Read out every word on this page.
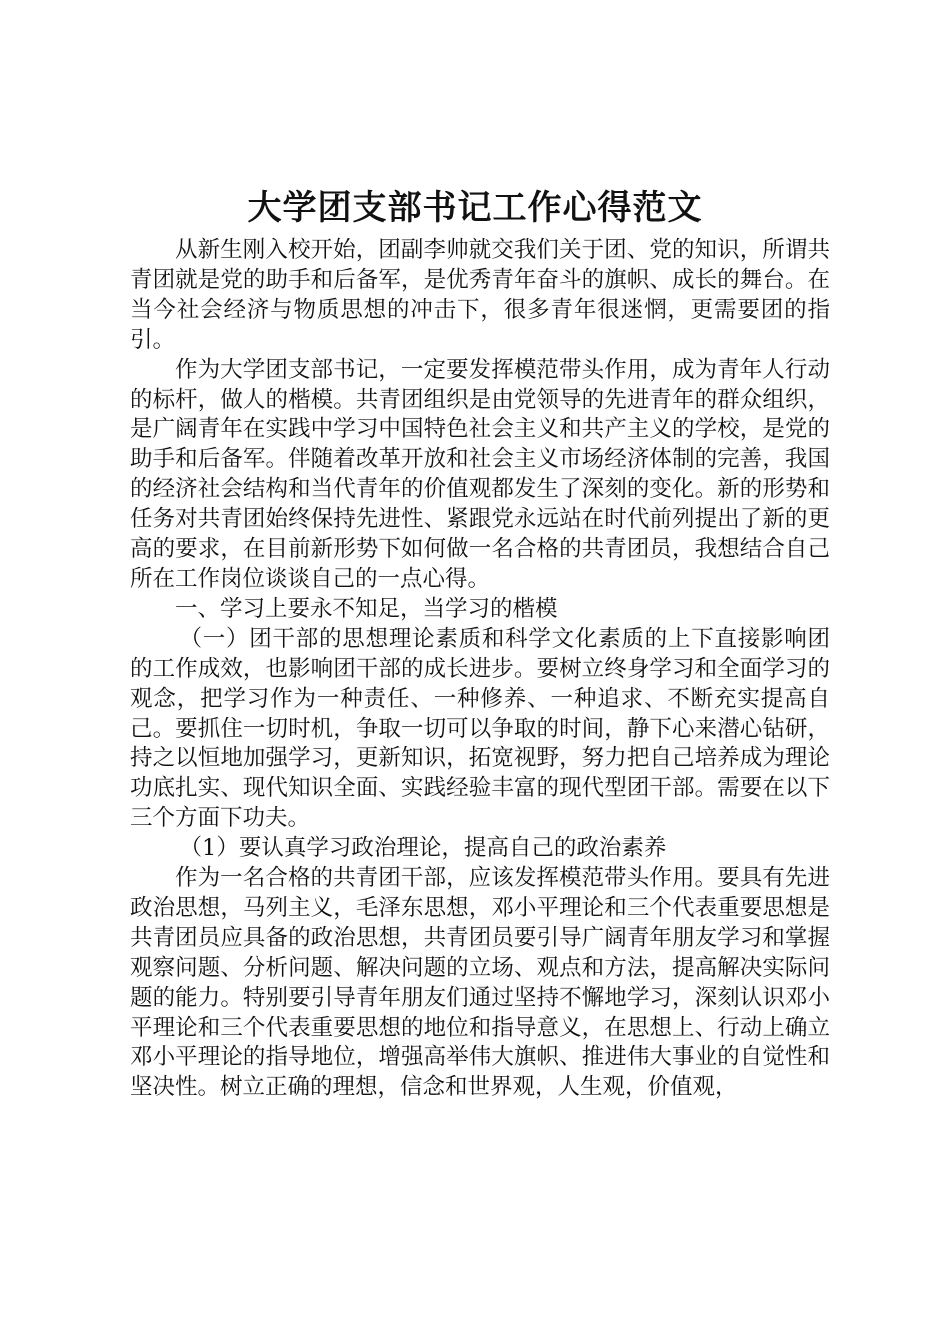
大学团支部书记工作心得范文

从新生刚入校开始，团副李帅就交我们关于团、党的知识，所谓共青团就是党的助手和后备军，是优秀青年奋斗的旗帜、成长的舞台。在当今社会经济与物质思想的冲击下，很多青年很迷惘，更需要团的指引。

作为大学团支部书记，一定要发挥模范带头作用，成为青年人行动的标杆，做人的楷模。共青团组织是由党领导的先进青年的群众组织，是广阔青年在实践中学习中国特色社会主义和共产主义的学校，是党的助手和后备军。伴随着改革开放和社会主义市场经济体制的完善，我国的经济社会结构和当代青年的价值观都发生了深刻的变化。新的形势和任务对共青团始终保持先进性、紧跟党永远站在时代前列提出了新的更高的要求，在目前新形势下如何做一名合格的共青团员，我想结合自己所在工作岗位谈谈自己的一点心得。

一、学习上要永不知足，当学习的楷模

（一）团干部的思想理论素质和科学文化素质的上下直接影响团的工作成效，也影响团干部的成长进步。要树立终身学习和全面学习的观念，把学习作为一种责任、一种修养、一种追求、不断充实提高自己。要抓住一切时机，争取一切可以争取的时间，静下心来潜心钻研，持之以恒地加强学习，更新知识，拓宽视野，努力把自己培养成为理论功底扎实、现代知识全面、实践经验丰富的现代型团干部。需要在以下三个方面下功夫。

（1）要认真学习政治理论，提高自己的政治素养

作为一名合格的共青团干部，应该发挥模范带头作用。要具有先进政治思想，马列主义，毛泽东思想，邓小平理论和三个代表重要思想是共青团员应具备的政治思想，共青团员要引导广阔青年朋友学习和掌握观察问题、分析问题、解决问题的立场、观点和方法，提高解决实际问题的能力。特别要引导青年朋友们通过坚持不懈地学习，深刻认识邓小平理论和三个代表重要思想的地位和指导意义，在思想上、行动上确立邓小平理论的指导地位，增强高举伟大旗帜、推进伟大事业的自觉性和坚决性。树立正确的理想，信念和世界观，人生观，价值观，
